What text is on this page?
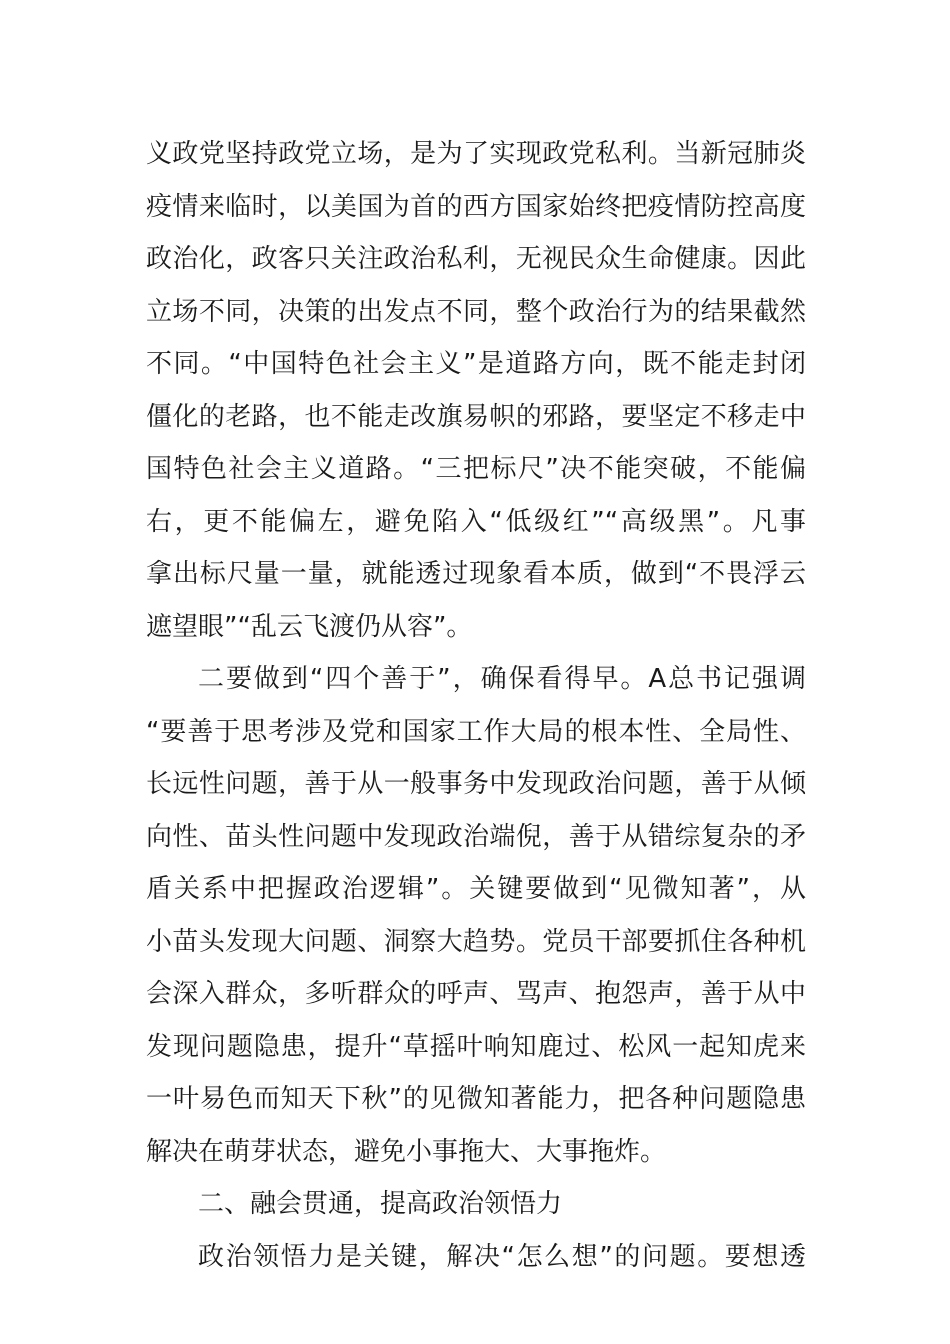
义政党坚持政党立场，是为了实现政党私利。当新冠肺炎
疫情来临时，以美国为首的西方国家始终把疫情防控高度
政治化，政客只关注政治私利，无视民众生命健康。因此
立场不同，决策的出发点不同，整个政治行为的结果截然
不同。“中国特色社会主义”是道路方向，既不能走封闭
僵化的老路，也不能走改旗易帜的邪路，要坚定不移走中
国特色社会主义道路。“三把标尺”决不能突破，不能偏
右，更不能偏左，避免陷入“低级红”“高级黑”。凡事
拿出标尺量一量，就能透过现象看本质，做到“不畏浮云
遮望眼”“乱云飞渡仍从容”。
二要做到“四个善于”，确保看得早。A总书记强调
“要善于思考涉及党和国家工作大局的根本性、全局性、
长远性问题，善于从一般事务中发现政治问题，善于从倾
向性、苗头性问题中发现政治端倪，善于从错综复杂的矛
盾关系中把握政治逻辑”。关键要做到“见微知著”，从
小苗头发现大问题、洞察大趋势。党员干部要抓住各种机
会深入群众，多听群众的呼声、骂声、抱怨声，善于从中
发现问题隐患，提升“草摇叶响知鹿过、松风一起知虎来
一叶易色而知天下秋”的见微知著能力，把各种问题隐患
解决在萌芽状态，避免小事拖大、大事拖炸。
二、融会贯通，提高政治领悟力
政治领悟力是关键，解决“怎么想”的问题。要想透
